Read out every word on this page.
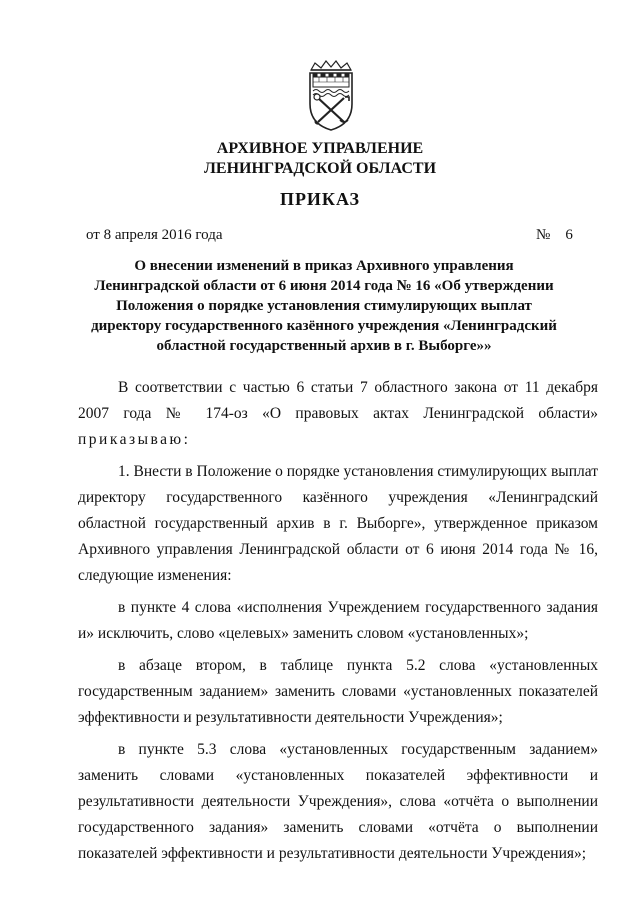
АРХИВНОЕ УПРАВЛЕНИЕ
ЛЕНИНГРАДСКОЙ ОБЛАСТИ
ПРИКАЗ
от 8 апреля 2016 года	№ 6
О внесении изменений в приказ Архивного управления Ленинградской области от 6 июня 2014 года № 16 «Об утверждении Положения о порядке установления стимулирующих выплат директору государственного казённого учреждения «Ленинградский областной государственный архив в г. Выборге»»

В соответствии с частью 6 статьи 7 областного закона от 11 декабря 2007 года № 174-оз «О правовых актах Ленинградской области» приказываю:

1. Внести в Положение о порядке установления стимулирующих выплат директору государственного казённого учреждения «Ленинградский областной государственный архив в г. Выборге», утвержденное приказом Архивного управления Ленинградской области от 6 июня 2014 года № 16, следующие изменения:

в пункте 4 слова «исполнения Учреждением государственного задания и» исключить, слово «целевых» заменить словом «установленных»;

в абзаце втором, в таблице пункта 5.2 слова «установленных государственным заданием» заменить словами «установленных показателей эффективности и результативности деятельности Учреждения»;

в пункте 5.3 слова «установленных государственным заданием» заменить словами «установленных показателей эффективности и результативности деятельности Учреждения», слова «отчёта о выполнении государственного задания» заменить словами «отчёта о выполнении показателей эффективности и результативности деятельности Учреждения»;
